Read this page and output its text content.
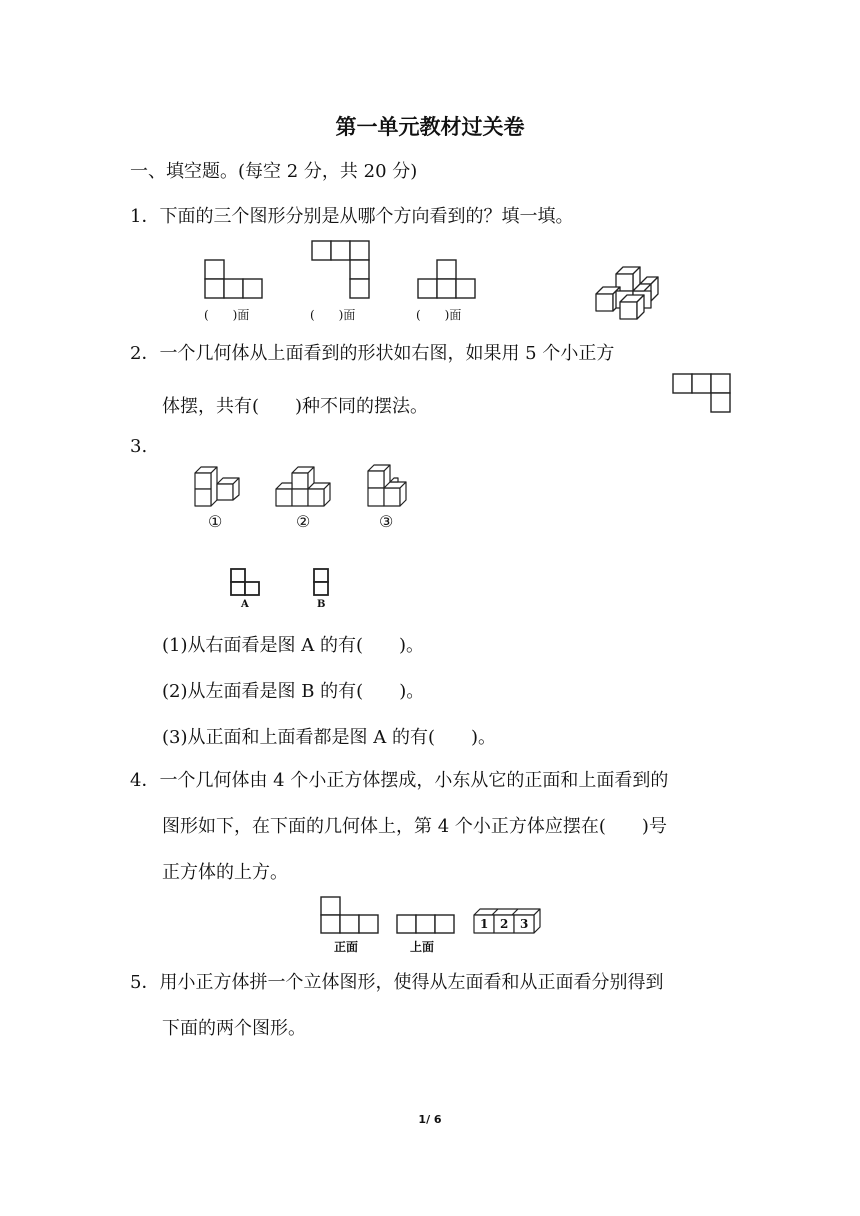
第一单元教材过关卷
一、填空题。(每空 2 分，共 20 分)
1．下面的三个图形分别是从哪个方向看到的？填一填。
(　　)面	(　　)面	(　　)面
2．一个几何体从上面看到的形状如右图，如果用 5 个小正方
体摆，共有(　　)种不同的摆法。
3.
①	②	③
A	B
(1)从右面看是图 A 的有(　　)。
(2)从左面看是图 B 的有(　　)。
(3)从正面和上面看都是图 A 的有(　　)。
4．一个几何体由 4 个小正方体摆成，小东从它的正面和上面看到的
图形如下，在下面的几何体上，第 4 个小正方体应摆在(　　)号
正方体的上方。
正面	上面
1 2 3
5．用小正方体拼一个立体图形，使得从左面看和从正面看分别得到
下面的两个图形。
1/ 6
